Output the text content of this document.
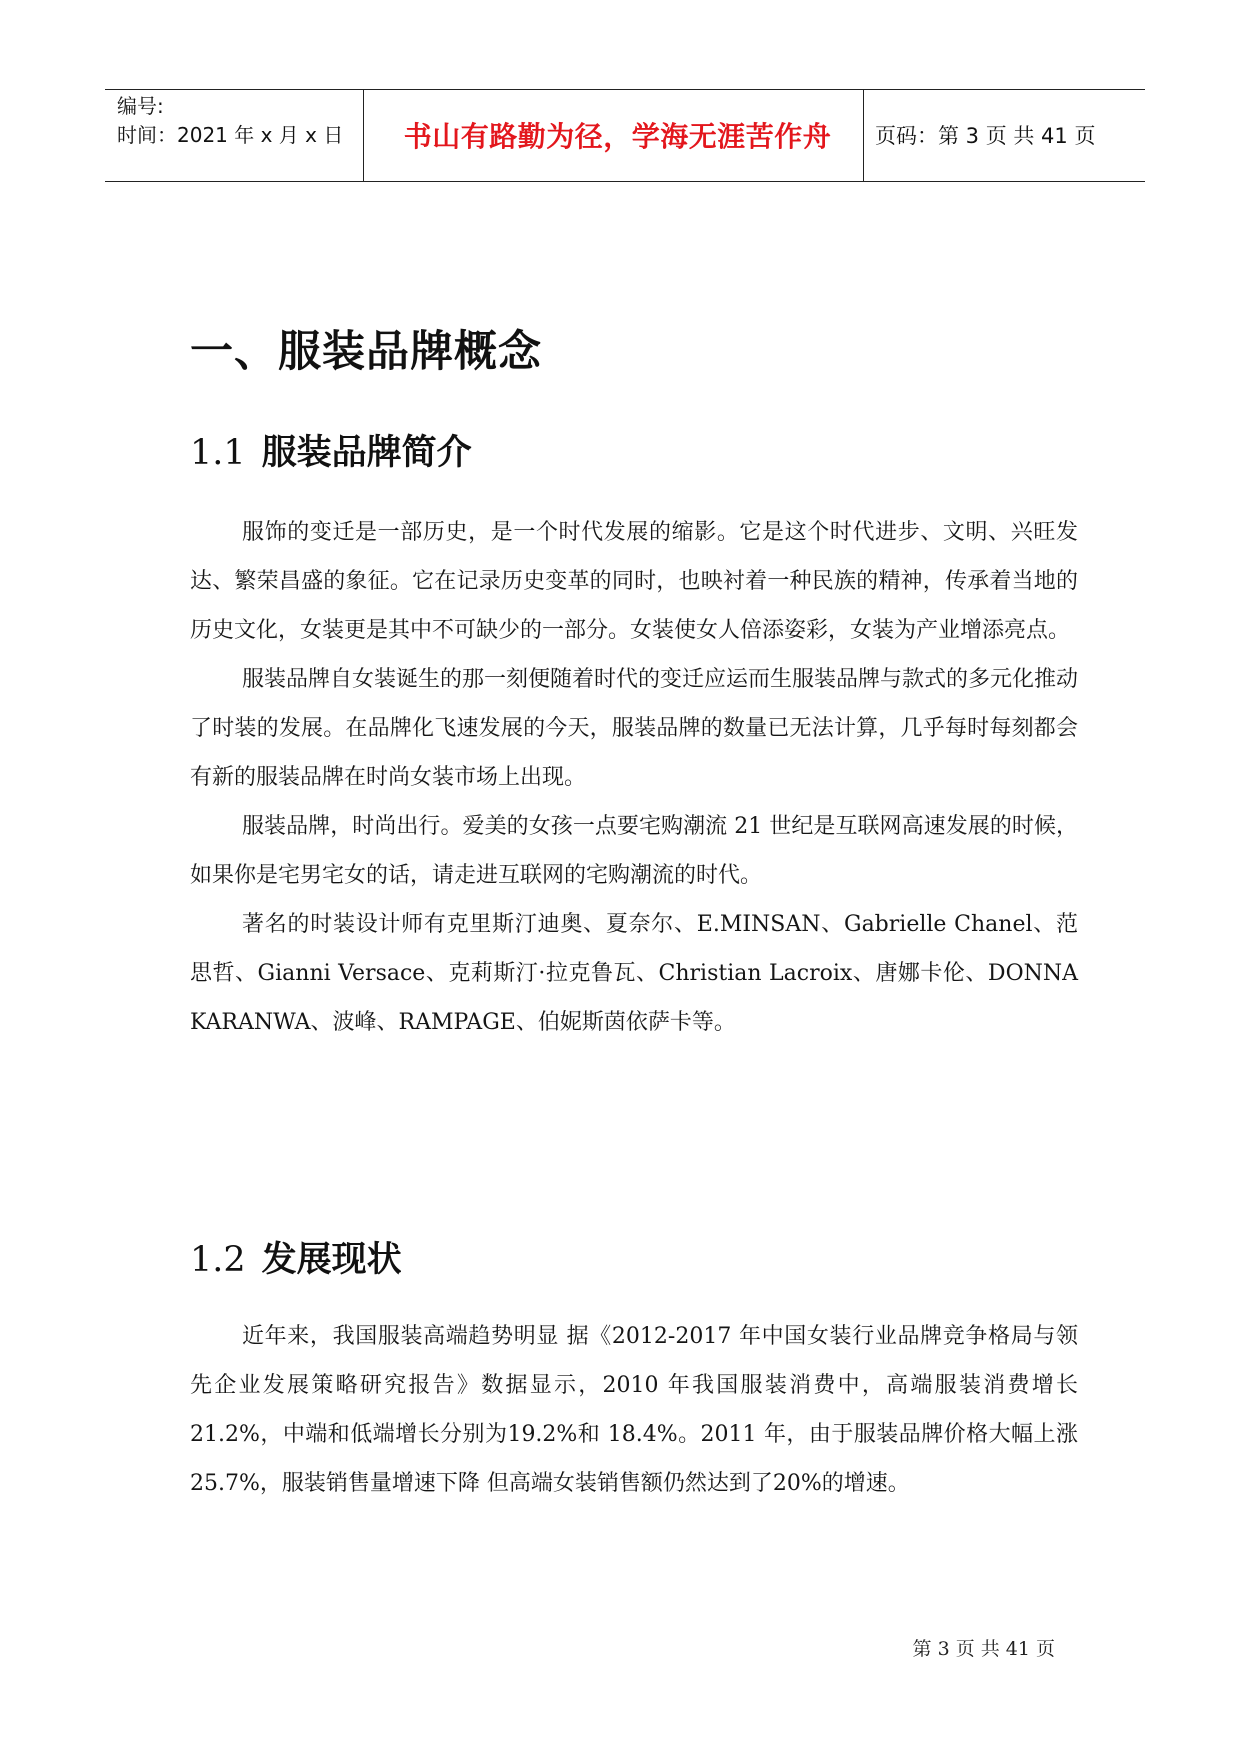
编号:
时间：2021 年 x 月 x 日	书山有路勤为径，学海无涯苦作舟	页码：第 3 页 共 41 页
一、服装品牌概念
1.1 服装品牌简介

服饰的变迁是一部历史，是一个时代发展的缩影。它是这个时代进步、文明、兴旺发达、繁荣昌盛的象征。它在记录历史变革的同时，也映衬着一种民族的精神，传承着当地的历史文化，女装更是其中不可缺少的一部分。女装使女人倍添姿彩，女装为产业增添亮点。

服装品牌自女装诞生的那一刻便随着时代的变迁应运而生服装品牌与款式的多元化推动了时装的发展。在品牌化飞速发展的今天，服装品牌的数量已无法计算，几乎每时每刻都会有新的服装品牌在时尚女装市场上出现。

服装品牌，时尚出行。爱美的女孩一点要宅购潮流 21 世纪是互联网高速发展的时候，如果你是宅男宅女的话，请走进互联网的宅购潮流的时代。

著名的时装设计师有克里斯汀迪奥、夏奈尔、E.MINSAN、Gabrielle Chanel、范思哲、Gianni Versace、克莉斯汀·拉克鲁瓦、Christian Lacroix、唐娜卡伦、DONNA KARANWA、波峰、RAMPAGE、伯妮斯茵依萨卡等。

1.2 发展现状

近年来，我国服装高端趋势明显 据《2012-2017 年中国女装行业品牌竞争格局与领先企业发展策略研究报告》数据显示，2010 年我国服装消费中，高端服装消费增长21.2%，中端和低端增长分别为19.2%和 18.4%。2011 年，由于服装品牌价格大幅上涨25.7%，服装销售量增速下降 但高端女装销售额仍然达到了20%的增速。

第 3 页 共 41 页
